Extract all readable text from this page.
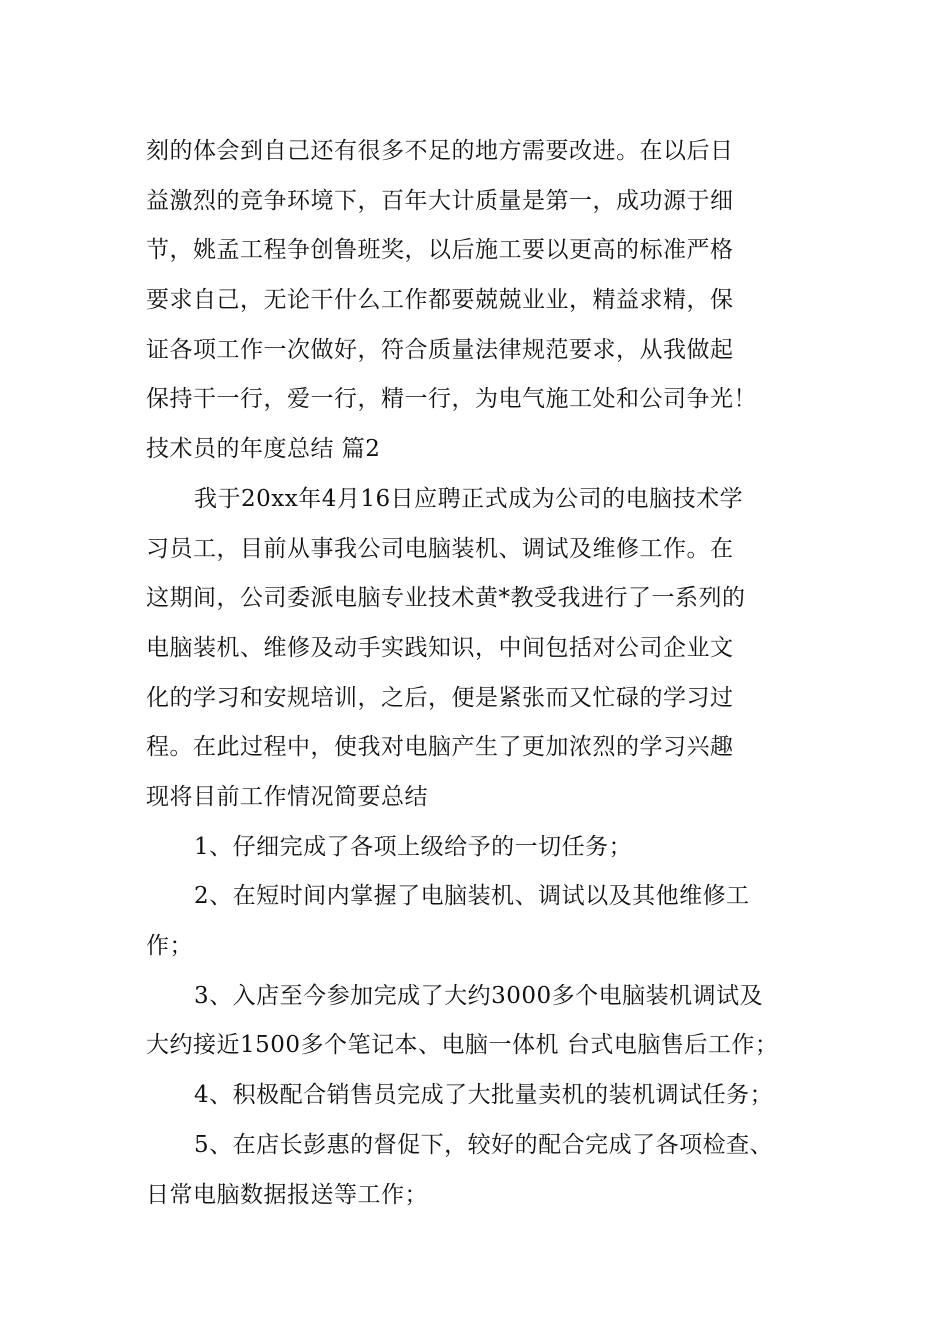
刻的体会到自己还有很多不足的地方需要改进。在以后日
益激烈的竞争环境下，百年大计质量是第一，成功源于细
节，姚孟工程争创鲁班奖，以后施工要以更高的标准严格
要求自己，无论干什么工作都要兢兢业业，精益求精，保
证各项工作一次做好，符合质量法律规范要求，从我做起
保持干一行，爱一行，精一行，为电气施工处和公司争光！
技术员的年度总结 篇2
我于20xx年4月16日应聘正式成为公司的电脑技术学
习员工，目前从事我公司电脑装机、调试及维修工作。在
这期间，公司委派电脑专业技术黄*教受我进行了一系列的
电脑装机、维修及动手实践知识，中间包括对公司企业文
化的学习和安规培训，之后，便是紧张而又忙碌的学习过
程。在此过程中，使我对电脑产生了更加浓烈的学习兴趣
现将目前工作情况简要总结
1、仔细完成了各项上级给予的一切任务；
2、在短时间内掌握了电脑装机、调试以及其他维修工
作；
3、入店至今参加完成了大约3000多个电脑装机调试及
大约接近1500多个笔记本、电脑一体机 台式电脑售后工作；
4、积极配合销售员完成了大批量卖机的装机调试任务；
5、在店长彭惠的督促下，较好的配合完成了各项检查、
日常电脑数据报送等工作；
